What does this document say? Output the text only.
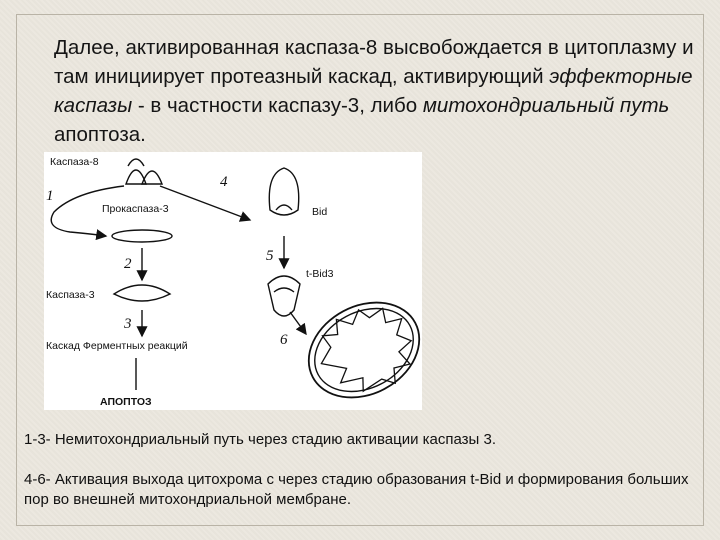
Далее, активированная каспаза-8 высвобождается в цитоплазму и там инициирует протеазный каскад, активирующий эффекторные каспазы - в частности каспазу-3, либо митохондриальный путь апоптоза.

Каспаза-8
Прокаспаза-3
Каспаза-3
Каскад Ферментных реакций
АПОПТОЗ
Bid
t-Bid3
1
2
3
4
5
6

1-3- Немитохондриальный путь через стадию активации каспазы 3.

4-6- Активация выхода цитохрома с через стадию образования t-Bid и формирования больших пор во внешней митохондриальной мембране.
